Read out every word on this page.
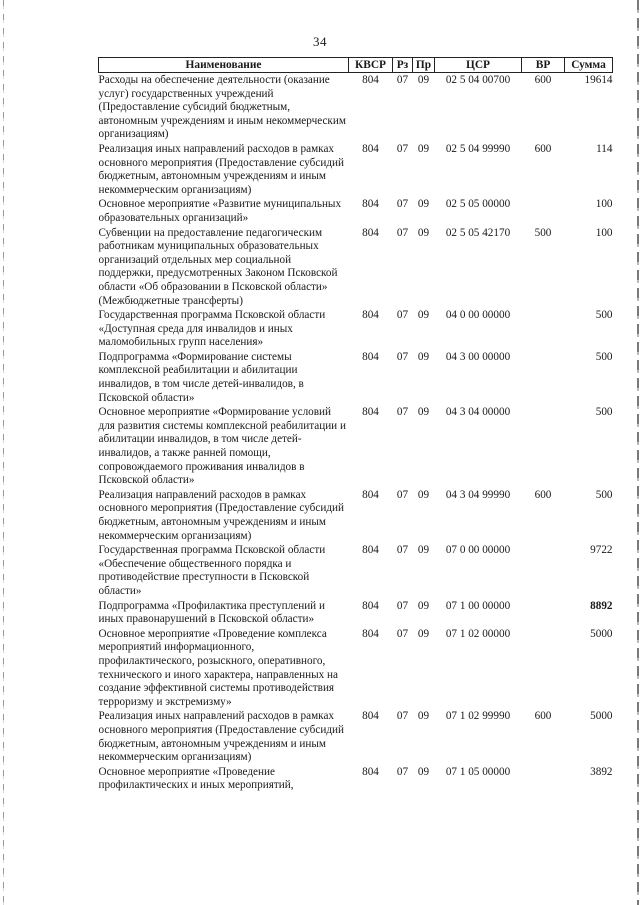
34
Наименование	КВСР	Рз	Пр	ЦСР	ВР	Сумма
Расходы на обеспечение деятельности (оказание услуг) государственных учреждений (Предоставление субсидий бюджетным, автономным учреждениям и иным некоммерческим организациям)	804	07	09	02 5 04 00700	600	19614
Реализация иных направлений расходов в рамках основного мероприятия (Предоставление субсидий бюджетным, автономным учреждениям и иным некоммерческим организациям)	804	07	09	02 5 04 99990	600	114
Основное мероприятие «Развитие муниципальных образовательных организаций»	804	07	09	02 5 05 00000		100
Субвенции на предоставление педагогическим работникам муниципальных образовательных организаций отдельных мер социальной поддержки, предусмотренных Законом Псковской области «Об образовании в Псковской области» (Межбюджетные трансферты)	804	07	09	02 5 05 42170	500	100
Государственная программа Псковской области «Доступная среда для инвалидов и иных маломобильных групп населения»	804	07	09	04 0 00 00000		500
Подпрограмма «Формирование системы комплексной реабилитации и абилитации инвалидов, в том числе детей-инвалидов, в Псковской области»	804	07	09	04 3 00 00000		500
Основное мероприятие «Формирование условий для развития системы комплексной реабилитации и абилитации инвалидов, в том числе детей-инвалидов, а также ранней помощи, сопровождаемого проживания инвалидов в Псковской области»	804	07	09	04 3 04 00000		500
Реализация направлений расходов в рамках основного мероприятия (Предоставление субсидий бюджетным, автономным учреждениям и иным некоммерческим организациям)	804	07	09	04 3 04 99990	600	500
Государственная программа Псковской области «Обеспечение общественного порядка и противодействие преступности в Псковской области»	804	07	09	07 0 00 00000		9722
Подпрограмма «Профилактика преступлений и иных правонарушений в Псковской области»	804	07	09	07 1 00 00000		8892
Основное мероприятие «Проведение комплекса мероприятий информационного, профилактического, розыскного, оперативного, технического и иного характера, направленных на создание эффективной системы противодействия терроризму и экстремизму»	804	07	09	07 1 02 00000		5000
Реализация иных направлений расходов в рамках основного мероприятия (Предоставление субсидий бюджетным, автономным учреждениям и иным некоммерческим организациям)	804	07	09	07 1 02 99990	600	5000
Основное мероприятие «Проведение профилактических и иных мероприятий,	804	07	09	07 1 05 00000		3892
